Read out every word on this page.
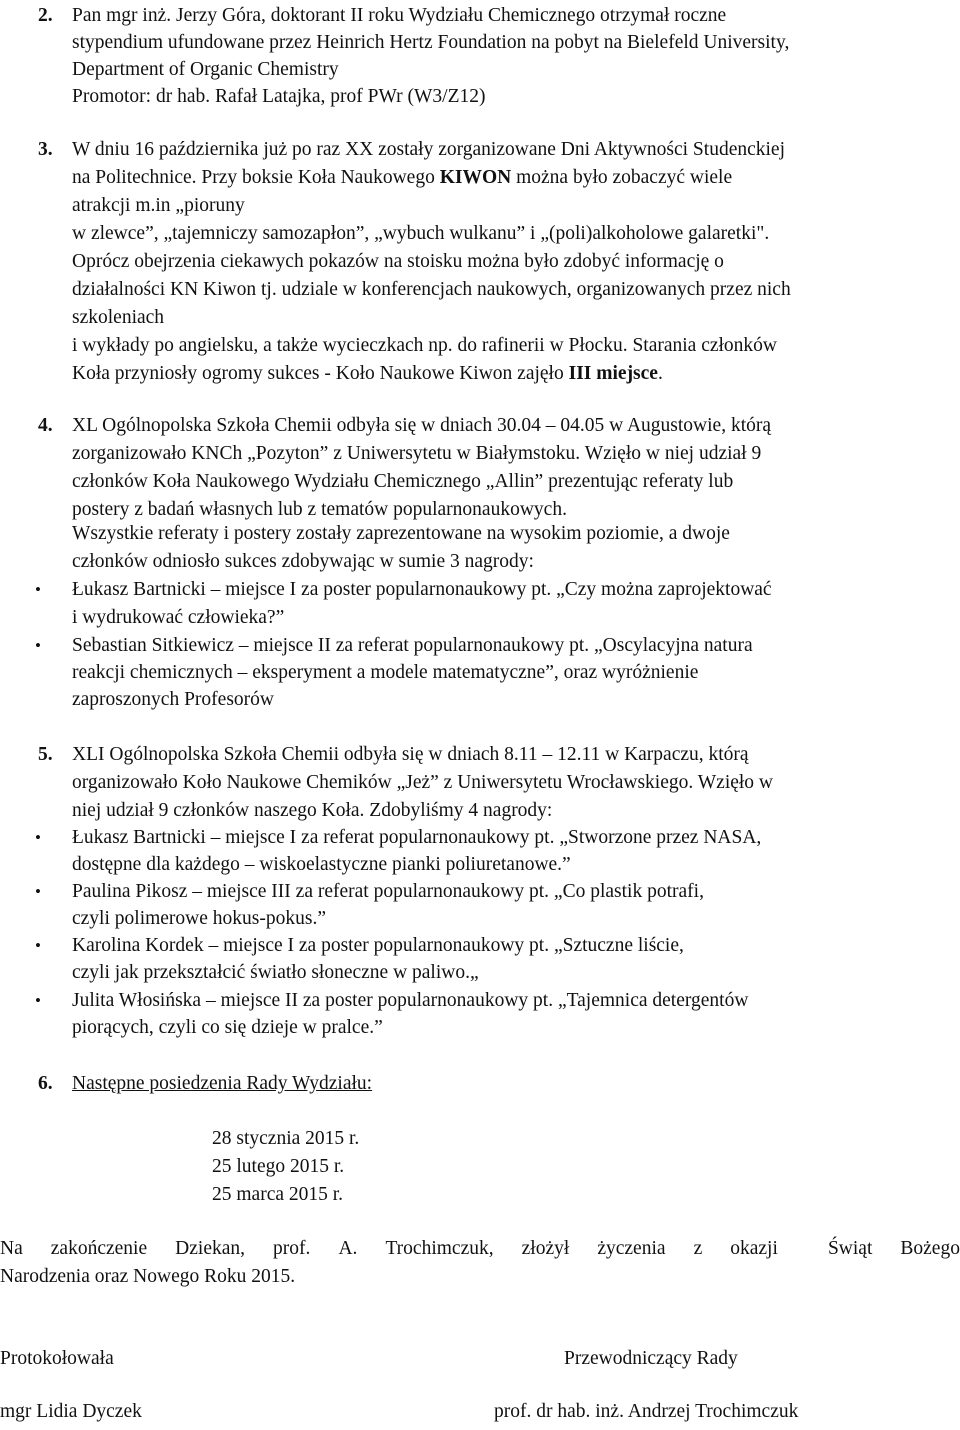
2. Pan mgr inż. Jerzy Góra, doktorant II roku Wydziału Chemicznego otrzymał roczne
stypendium ufundowane przez Heinrich Hertz Foundation na pobyt na Bielefeld University,
Department of Organic Chemistry
Promotor: dr hab. Rafał Latajka, prof PWr (W3/Z12)
3. W dniu 16 października już po raz XX zostały zorganizowane Dni Aktywności Studenckiej
na Politechnice. Przy boksie Koła Naukowego KIWON można było zobaczyć wiele
atrakcji m.in „pioruny
w zlewce”, „tajemniczy samozapłon”, „wybuch wulkanu” i „(poli)alkoholowe galaretki".
Oprócz obejrzenia ciekawych pokazów na stoisku można było zdobyć informację o
działalności KN Kiwon tj. udziale w konferencjach naukowych, organizowanych przez nich
szkoleniach
i wykłady po angielsku, a także wycieczkach np. do rafinerii w Płocku. Starania członków
Koła przyniosły ogromy sukces - Koło Naukowe Kiwon zajęło III miejsce.
4. XL Ogólnopolska Szkoła Chemii odbyła się w dniach 30.04 – 04.05 w Augustowie, którą
zorganizowało KNCh „Pozyton” z Uniwersytetu w Białymstoku. Wzięło w niej udział 9
członków Koła Naukowego Wydziału Chemicznego „Allin” prezentując referaty lub
postery z badań własnych lub z tematów popularnonaukowych.
Wszystkie referaty i postery zostały zaprezentowane na wysokim poziomie, a dwoje
członków odniosło sukces zdobywając w sumie 3 nagrody:
• Łukasz Bartnicki – miejsce I za poster popularnonaukowy pt. „Czy można zaprojektować
i wydrukować człowieka?”
• Sebastian Sitkiewicz – miejsce II za referat popularnonaukowy pt. „Oscylacyjna natura
reakcji chemicznych – eksperyment a modele matematyczne”, oraz wyróżnienie
zaproszonych Profesorów
5. XLI Ogólnopolska Szkoła Chemii odbyła się w dniach 8.11 – 12.11 w Karpaczu, którą
organizowało Koło Naukowe Chemików „Jeż” z Uniwersytetu Wrocławskiego. Wzięło w
niej udział 9 członków naszego Koła. Zdobyliśmy 4 nagrody:
• Łukasz Bartnicki – miejsce I za referat popularnonaukowy pt. „Stworzone przez NASA,
dostępne dla każdego – wiskoelastyczne pianki poliuretanowe.”
• Paulina Pikosz – miejsce III za referat popularnonaukowy pt. „Co plastik potrafi,
czyli polimerowe hokus-pokus.”
• Karolina Kordek – miejsce I za poster popularnonaukowy pt. „Sztuczne liście,
czyli jak przekształcić światło słoneczne w paliwo.„
• Julita Włosińska – miejsce II za poster popularnonaukowy pt. „Tajemnica detergentów
piorących, czyli co się dzieje w pralce.”
6. Następne posiedzenia Rady Wydziału:
28 stycznia 2015 r.
25 lutego 2015 r.
25 marca 2015 r.
Na zakończenie Dziekan, prof. A. Trochimczuk, złożył życzenia z okazji	Świąt Bożego
Narodzenia oraz Nowego Roku 2015.
Protokołowała	Przewodniczący Rady
mgr Lidia Dyczek	prof. dr hab. inż. Andrzej Trochimczuk
